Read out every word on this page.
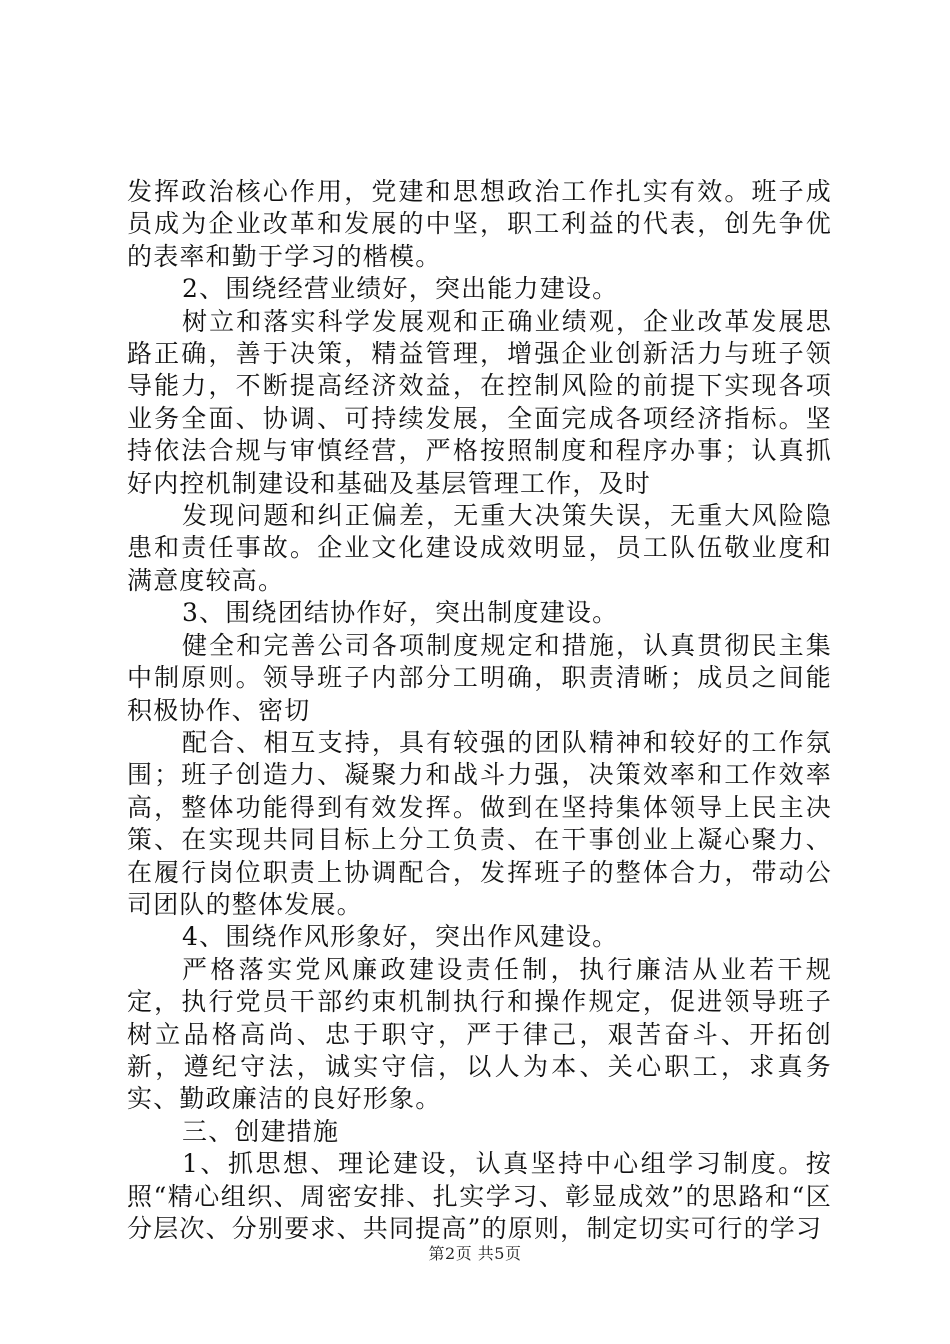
发挥政治核心作用，党建和思想政治工作扎实有效。班子成员成为企业改革和发展的中坚，职工利益的代表，创先争优的表率和勤于学习的楷模。

2、围绕经营业绩好，突出能力建设。

树立和落实科学发展观和正确业绩观，企业改革发展思路正确，善于决策，精益管理，增强企业创新活力与班子领导能力，不断提高经济效益，在控制风险的前提下实现各项业务全面、协调、可持续发展，全面完成各项经济指标。坚持依法合规与审慎经营，严格按照制度和程序办事；认真抓好内控机制建设和基础及基层管理工作，及时

发现问题和纠正偏差，无重大决策失误，无重大风险隐患和责任事故。企业文化建设成效明显，员工队伍敬业度和满意度较高。

3、围绕团结协作好，突出制度建设。

健全和完善公司各项制度规定和措施，认真贯彻民主集中制原则。领导班子内部分工明确，职责清晰；成员之间能积极协作、密切

配合、相互支持，具有较强的团队精神和较好的工作氛围；班子创造力、凝聚力和战斗力强，决策效率和工作效率高，整体功能得到有效发挥。做到在坚持集体领导上民主决策、在实现共同目标上分工负责、在干事创业上凝心聚力、在履行岗位职责上协调配合，发挥班子的整体合力，带动公司团队的整体发展。

4、围绕作风形象好，突出作风建设。

严格落实党风廉政建设责任制，执行廉洁从业若干规定，执行党员干部约束机制执行和操作规定，促进领导班子树立品格高尚、忠于职守，严于律己，艰苦奋斗、开拓创新，遵纪守法，诚实守信，以人为本、关心职工，求真务实、勤政廉洁的良好形象。

三、创建措施

1、抓思想、理论建设，认真坚持中心组学习制度。按照“精心组织、周密安排、扎实学习、彰显成效”的思路和“区分层次、分别要求、共同提高”的原则，制定切实可行的学习

第2页 共5页
